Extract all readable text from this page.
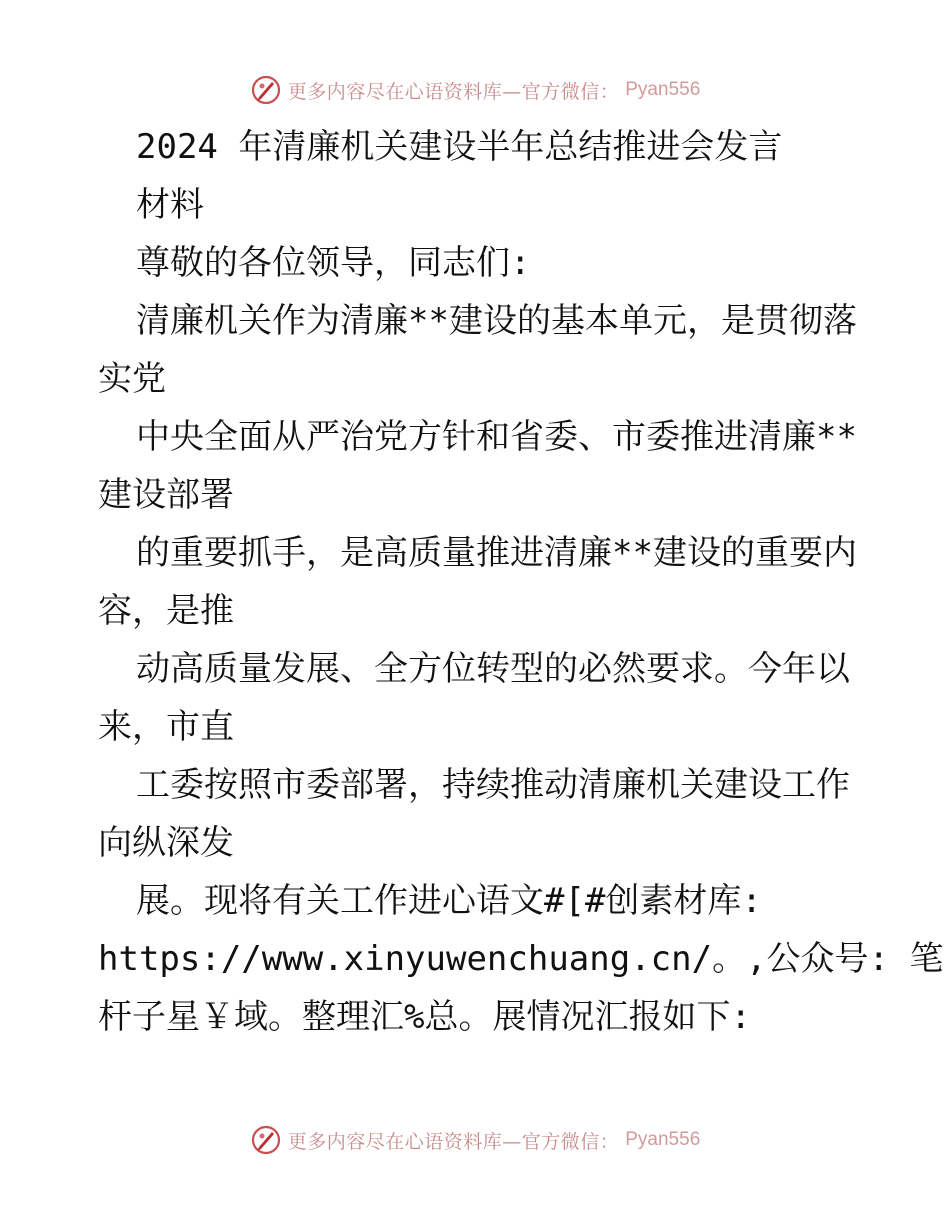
更多内容尽在心语资料库—官方微信： Pyan556
2024 年清廉机关建设半年总结推进会发言
材料
尊敬的各位领导，同志们:
清廉机关作为清廉**建设的基本单元，是贯彻落
实党
中央全面从严治党方针和省委、市委推进清廉**
建设部署
的重要抓手，是高质量推进清廉**建设的重要内
容，是推
动高质量发展、全方位转型的必然要求。今年以
来，市直
工委按照市委部署，持续推动清廉机关建设工作
向纵深发
展。现将有关工作进心语文#[#创素材库:
https://www.xinyuwenchuang.cn/。,公众号: 笔
杆子星￥域。整理汇%总。展情况汇报如下:
更多内容尽在心语资料库—官方微信： Pyan556
